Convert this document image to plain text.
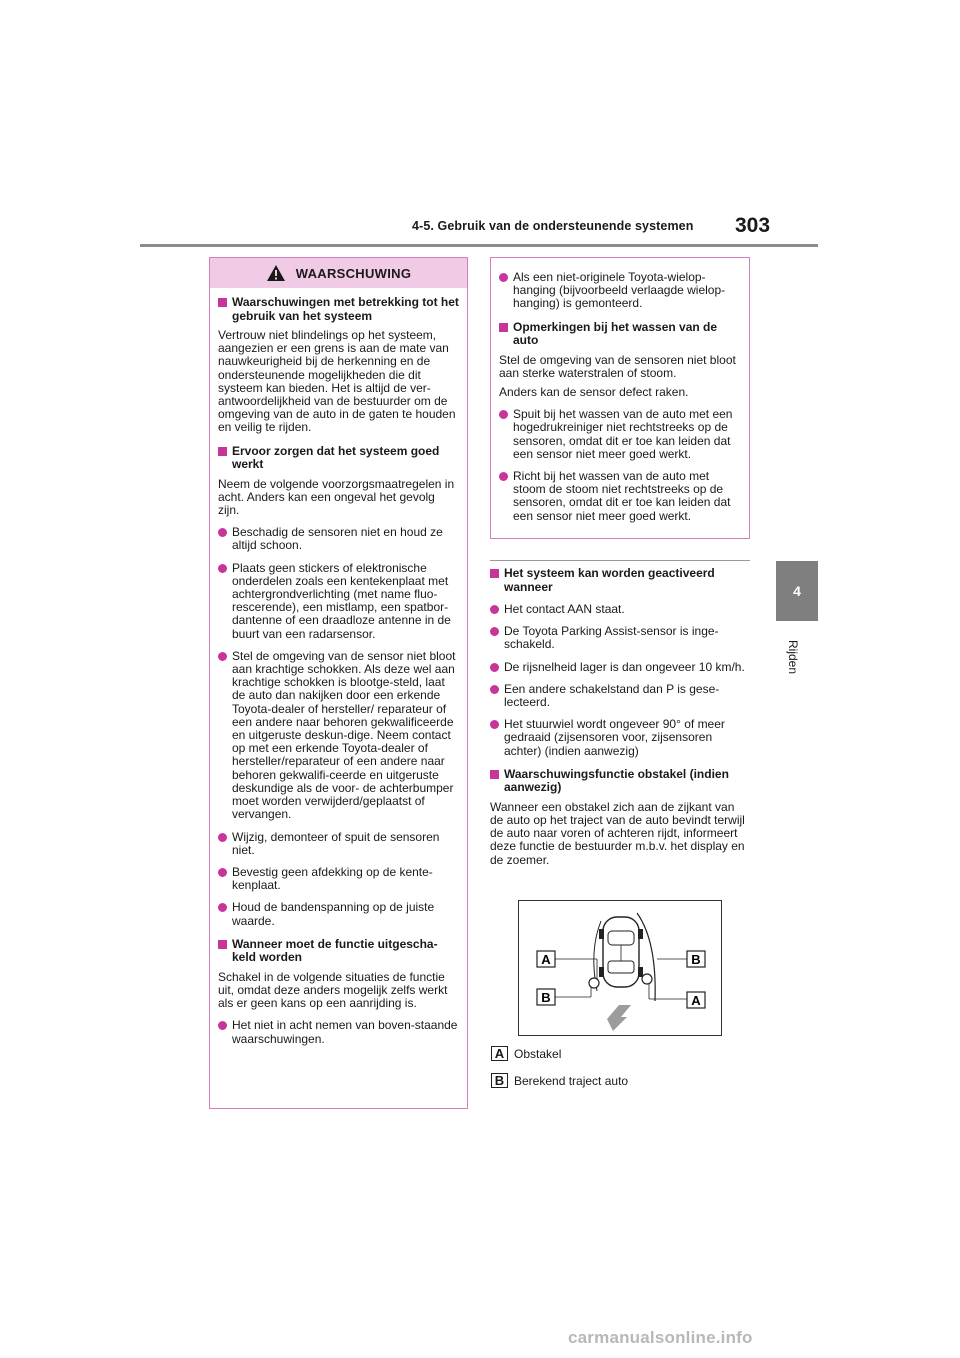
4-5. Gebruik van de ondersteunende systemen 303
4
Rijden
WAARSCHUWING
Waarschuwingen met betrekking tot het gebruik van het systeem
Vertrouw niet blindelings op het systeem, aangezien er een grens is aan de mate van nauwkeurigheid bij de herkenning en de ondersteunende mogelijkheden die dit systeem kan bieden. Het is altijd de ver-antwoordelijkheid van de bestuurder om de omgeving van de auto in de gaten te houden en veilig te rijden.
Ervoor zorgen dat het systeem goed werkt
Neem de volgende voorzorgsmaatregelen in acht. Anders kan een ongeval het gevolg zijn.
Beschadig de sensoren niet en houd ze altijd schoon.
Plaats geen stickers of elektronische onderdelen zoals een kentekenplaat met achtergrondverlichting (met name fluo-rescerende), een mistlamp, een spatbor-dantenne of een draadloze antenne in de buurt van een radarsensor.
Stel de omgeving van de sensor niet bloot aan krachtige schokken. Als deze wel aan krachtige schokken is blootge-steld, laat de auto dan nakijken door een erkende Toyota-dealer of hersteller/ reparateur of een andere naar behoren gekwalificeerde en uitgeruste deskun-dige. Neem contact op met een erkende Toyota-dealer of hersteller/reparateur of een andere naar behoren gekwalifi-ceerde en uitgeruste deskundige als de voor- de achterbumper moet worden verwijderd/geplaatst of vervangen.
Wijzig, demonteer of spuit de sensoren niet.
Bevestig geen afdekking op de kente-kenplaat.
Houd de bandenspanning op de juiste waarde.
Wanneer moet de functie uitgescha-keld worden
Schakel in de volgende situaties de functie uit, omdat deze anders mogelijk zelfs werkt als er geen kans op een aanrijding is.
Het niet in acht nemen van boven-staande waarschuwingen.
Als een niet-originele Toyota-wielop-hanging (bijvoorbeeld verlaagde wielop-hanging) is gemonteerd.
Opmerkingen bij het wassen van de auto
Stel de omgeving van de sensoren niet bloot aan sterke waterstralen of stoom.
Anders kan de sensor defect raken.
Spuit bij het wassen van de auto met een hogedrukreiniger niet rechtstreeks op de sensoren, omdat dit er toe kan leiden dat een sensor niet meer goed werkt.
Richt bij het wassen van de auto met stoom de stoom niet rechtstreeks op de sensoren, omdat dit er toe kan leiden dat een sensor niet meer goed werkt.
Het systeem kan worden geactiveerd wanneer
Het contact AAN staat.
De Toyota Parking Assist-sensor is inge-schakeld.
De rijsnelheid lager is dan ongeveer 10 km/h.
Een andere schakelstand dan P is gese-lecteerd.
Het stuurwiel wordt ongeveer 90° of meer gedraaid (zijsensoren voor, zijsensoren achter) (indien aanwezig)
Waarschuwingsfunctie obstakel (indien aanwezig)
Wanneer een obstakel zich aan de zijkant van de auto op het traject van de auto bevindt terwijl de auto naar voren of achteren rijdt, informeert deze functie de bestuurder m.b.v. het display en de zoemer.
A	B
B	A
A Obstakel
B Berekend traject auto
carmanualsonline.info
